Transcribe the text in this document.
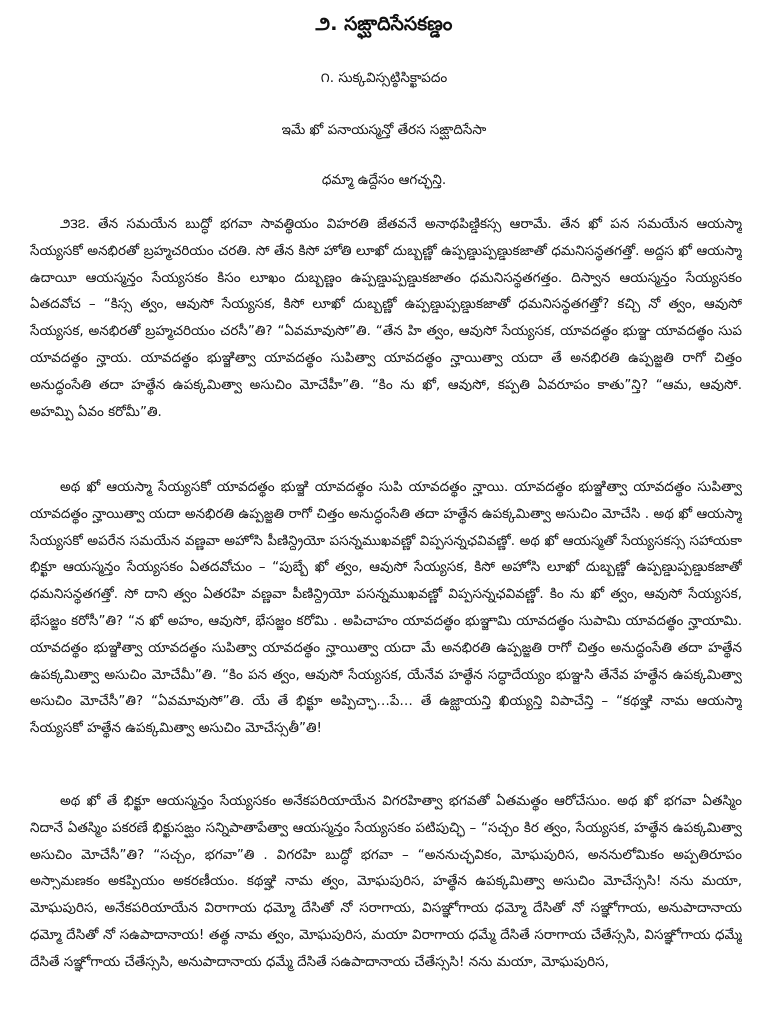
౨. సఙ్ఘాదిసేసకణ్డం

౧. సుక్కవిస్సట్ఠిసిక్ఖాపదం

ఇమే ఖో పనాయస్మన్తో తేరస సఙ్ఘాదిసేసా

ధమ్మా ఉద్దేసం ఆగచ్ఛన్తి.

౨౩౭. తేన సమయేన బుద్ధో భగవా సావత్థియం విహరతి జేతవనే అనాథపిణ్డికస్స ఆరామే. తేన ఖో పన సమయేన ఆయస్మా సేయ్యసకో అనభిరతో బ్రహ్మచరియం చరతి. సో తేన కిసో హోతి లూఖో దుబ్బణ్ణో ఉప్పణ్డుప్పణ్డుకజాతో ధమనిసన్థతగత్తో. అద్దస ఖో ఆయస్మా ఉదాయీ ఆయస్మన్తం సేయ్యసకం కిసం లూఖం దుబ్బణ్ణం ఉప్పణ్డుప్పణ్డుకజాతం ధమనిసన్థతగత్తం. దిస్వాన ఆయస్మన్తం సేయ్యసకం ఏతదవోచ – “కిస్స త్వం, ఆవుసో సేయ్యసక, కిసో లూఖో దుబ్బణ్ణో ఉప్పణ్డుప్పణ్డుకజాతో ధమనిసన్థతగత్తో? కచ్చి నో త్వం, ఆవుసో సేయ్యసక, అనభిరతో బ్రహ్మచరియం చరసీ”తి? “ఏవమావుసో”తి. “తేన హి త్వం, ఆవుసో సేయ్యసక, యావదత్థం భుఞ్జ యావదత్థం సుప యావదత్థం న్హాయ. యావదత్థం భుఞ్జిత్వా యావదత్థం సుపిత్వా యావదత్థం న్హాయిత్వా యదా తే అనభిరతి ఉప్పజ్జతి రాగో చిత్తం అనుద్ధంసేతి తదా హత్థేన ఉపక్కమిత్వా అసుచిం మోచేహీ”తి. “కిం ను ఖో, ఆవుసో, కప్పతి ఏవరూపం కాతు”న్తి? “ఆమ, ఆవుసో. అహమ్పి ఏవం కరోమీ”తి.

అథ ఖో ఆయస్మా సేయ్యసకో యావదత్థం భుఞ్జి యావదత్థం సుపి యావదత్థం న్హాయి. యావదత్థం భుఞ్జిత్వా యావదత్థం సుపిత్వా యావదత్థం న్హాయిత్వా యదా అనభిరతి ఉప్పజ్జతి రాగో చిత్తం అనుద్ధంసేతి తదా హత్థేన ఉపక్కమిత్వా అసుచిం మోచేసి . అథ ఖో ఆయస్మా సేయ్యసకో అపరేన సమయేన వణ్ణవా అహోసి పీణిన్ద్రియో పసన్నముఖవణ్ణో విప్పసన్నఛవివణ్ణో. అథ ఖో ఆయస్మతో సేయ్యసకస్స సహాయకా భిక్ఖూ ఆయస్మన్తం సేయ్యసకం ఏతదవోచుం – “పుబ్బే ఖో త్వం, ఆవుసో సేయ్యసక, కిసో అహోసి లూఖో దుబ్బణ్ణో ఉప్పణ్డుప్పణ్డుకజాతో ధమనిసన్థతగత్తో. సో దాని త్వం ఏతరహి వణ్ణవా పీణిన్ద్రియో పసన్నముఖవణ్ణో విప్పసన్నఛవివణ్ణో. కిం ను ఖో త్వం, ఆవుసో సేయ్యసక, భేసజ్జం కరోసీ”తి? “న ఖో అహం, ఆవుసో, భేసజ్జం కరోమి . అపిచాహం యావదత్థం భుఞ్జామి యావదత్థం సుపామి యావదత్థం న్హాయామి. యావదత్థం భుఞ్జిత్వా యావదత్థం సుపిత్వా యావదత్థం న్హాయిత్వా యదా మే అనభిరతి ఉప్పజ్జతి రాగో చిత్తం అనుద్ధంసేతి తదా హత్థేన ఉపక్కమిత్వా అసుచిం మోచేమీ”తి. “కిం పన త్వం, ఆవుసో సేయ్యసక, యేనేవ హత్థేన సద్ధాదేయ్యం భుఞ్జసి తేనేవ హత్థేన ఉపక్కమిత్వా అసుచిం మోచేసీ”తి? “ఏవమావుసో”తి. యే తే భిక్ఖూ అప్పిచ్ఛా…పే… తే ఉజ్ఝాయన్తి ఖియ్యన్తి విపాచేన్తి – “కథఞ్హి నామ ఆయస్మా సేయ్యసకో హత్థేన ఉపక్కమిత్వా అసుచిం మోచేస్సతీ”తి!

అథ ఖో తే భిక్ఖూ ఆయస్మన్తం సేయ్యసకం అనేకపరియాయేన విగరహిత్వా భగవతో ఏతమత్థం ఆరోచేసుం. అథ ఖో భగవా ఏతస్మిం నిదానే ఏతస్మిం పకరణే భిక్ఖుసఙ్ఘం సన్నిపాతాపేత్వా ఆయస్మన్తం సేయ్యసకం పటిపుచ్ఛి – “సచ్చం కిర త్వం, సేయ్యసక, హత్థేన ఉపక్కమిత్వా అసుచిం మోచేసీ”తి? “సచ్చం, భగవా”తి . విగరహి బుద్ధో భగవా – “అననుచ్ఛవికం, మోఘపురిస, అననులోమికం అప్పతిరూపం అస్సామణకం అకప్పియం అకరణీయం. కథఞ్హి నామ త్వం, మోఘపురిస, హత్థేన ఉపక్కమిత్వా అసుచిం మోచేస్ససి! నను మయా, మోఘపురిస, అనేకపరియాయేన విరాగాయ ధమ్మో దేసితో నో సరాగాయ, విసఞ్ఞోగాయ ధమ్మో దేసితో నో సఞ్ఞోగాయ, అనుపాదానాయ ధమ్మో దేసితో నో సఉపాదానాయ! తత్థ నామ త్వం, మోఘపురిస, మయా విరాగాయ ధమ్మే దేసితే సరాగాయ చేతేస్ససి, విసఞ్ఞోగాయ ధమ్మే దేసితే సఞ్ఞోగాయ చేతేస్ససి, అనుపాదానాయ ధమ్మే దేసితే సఉపాదానాయ చేతేస్ససి! నను మయా, మోఘపురిస,
